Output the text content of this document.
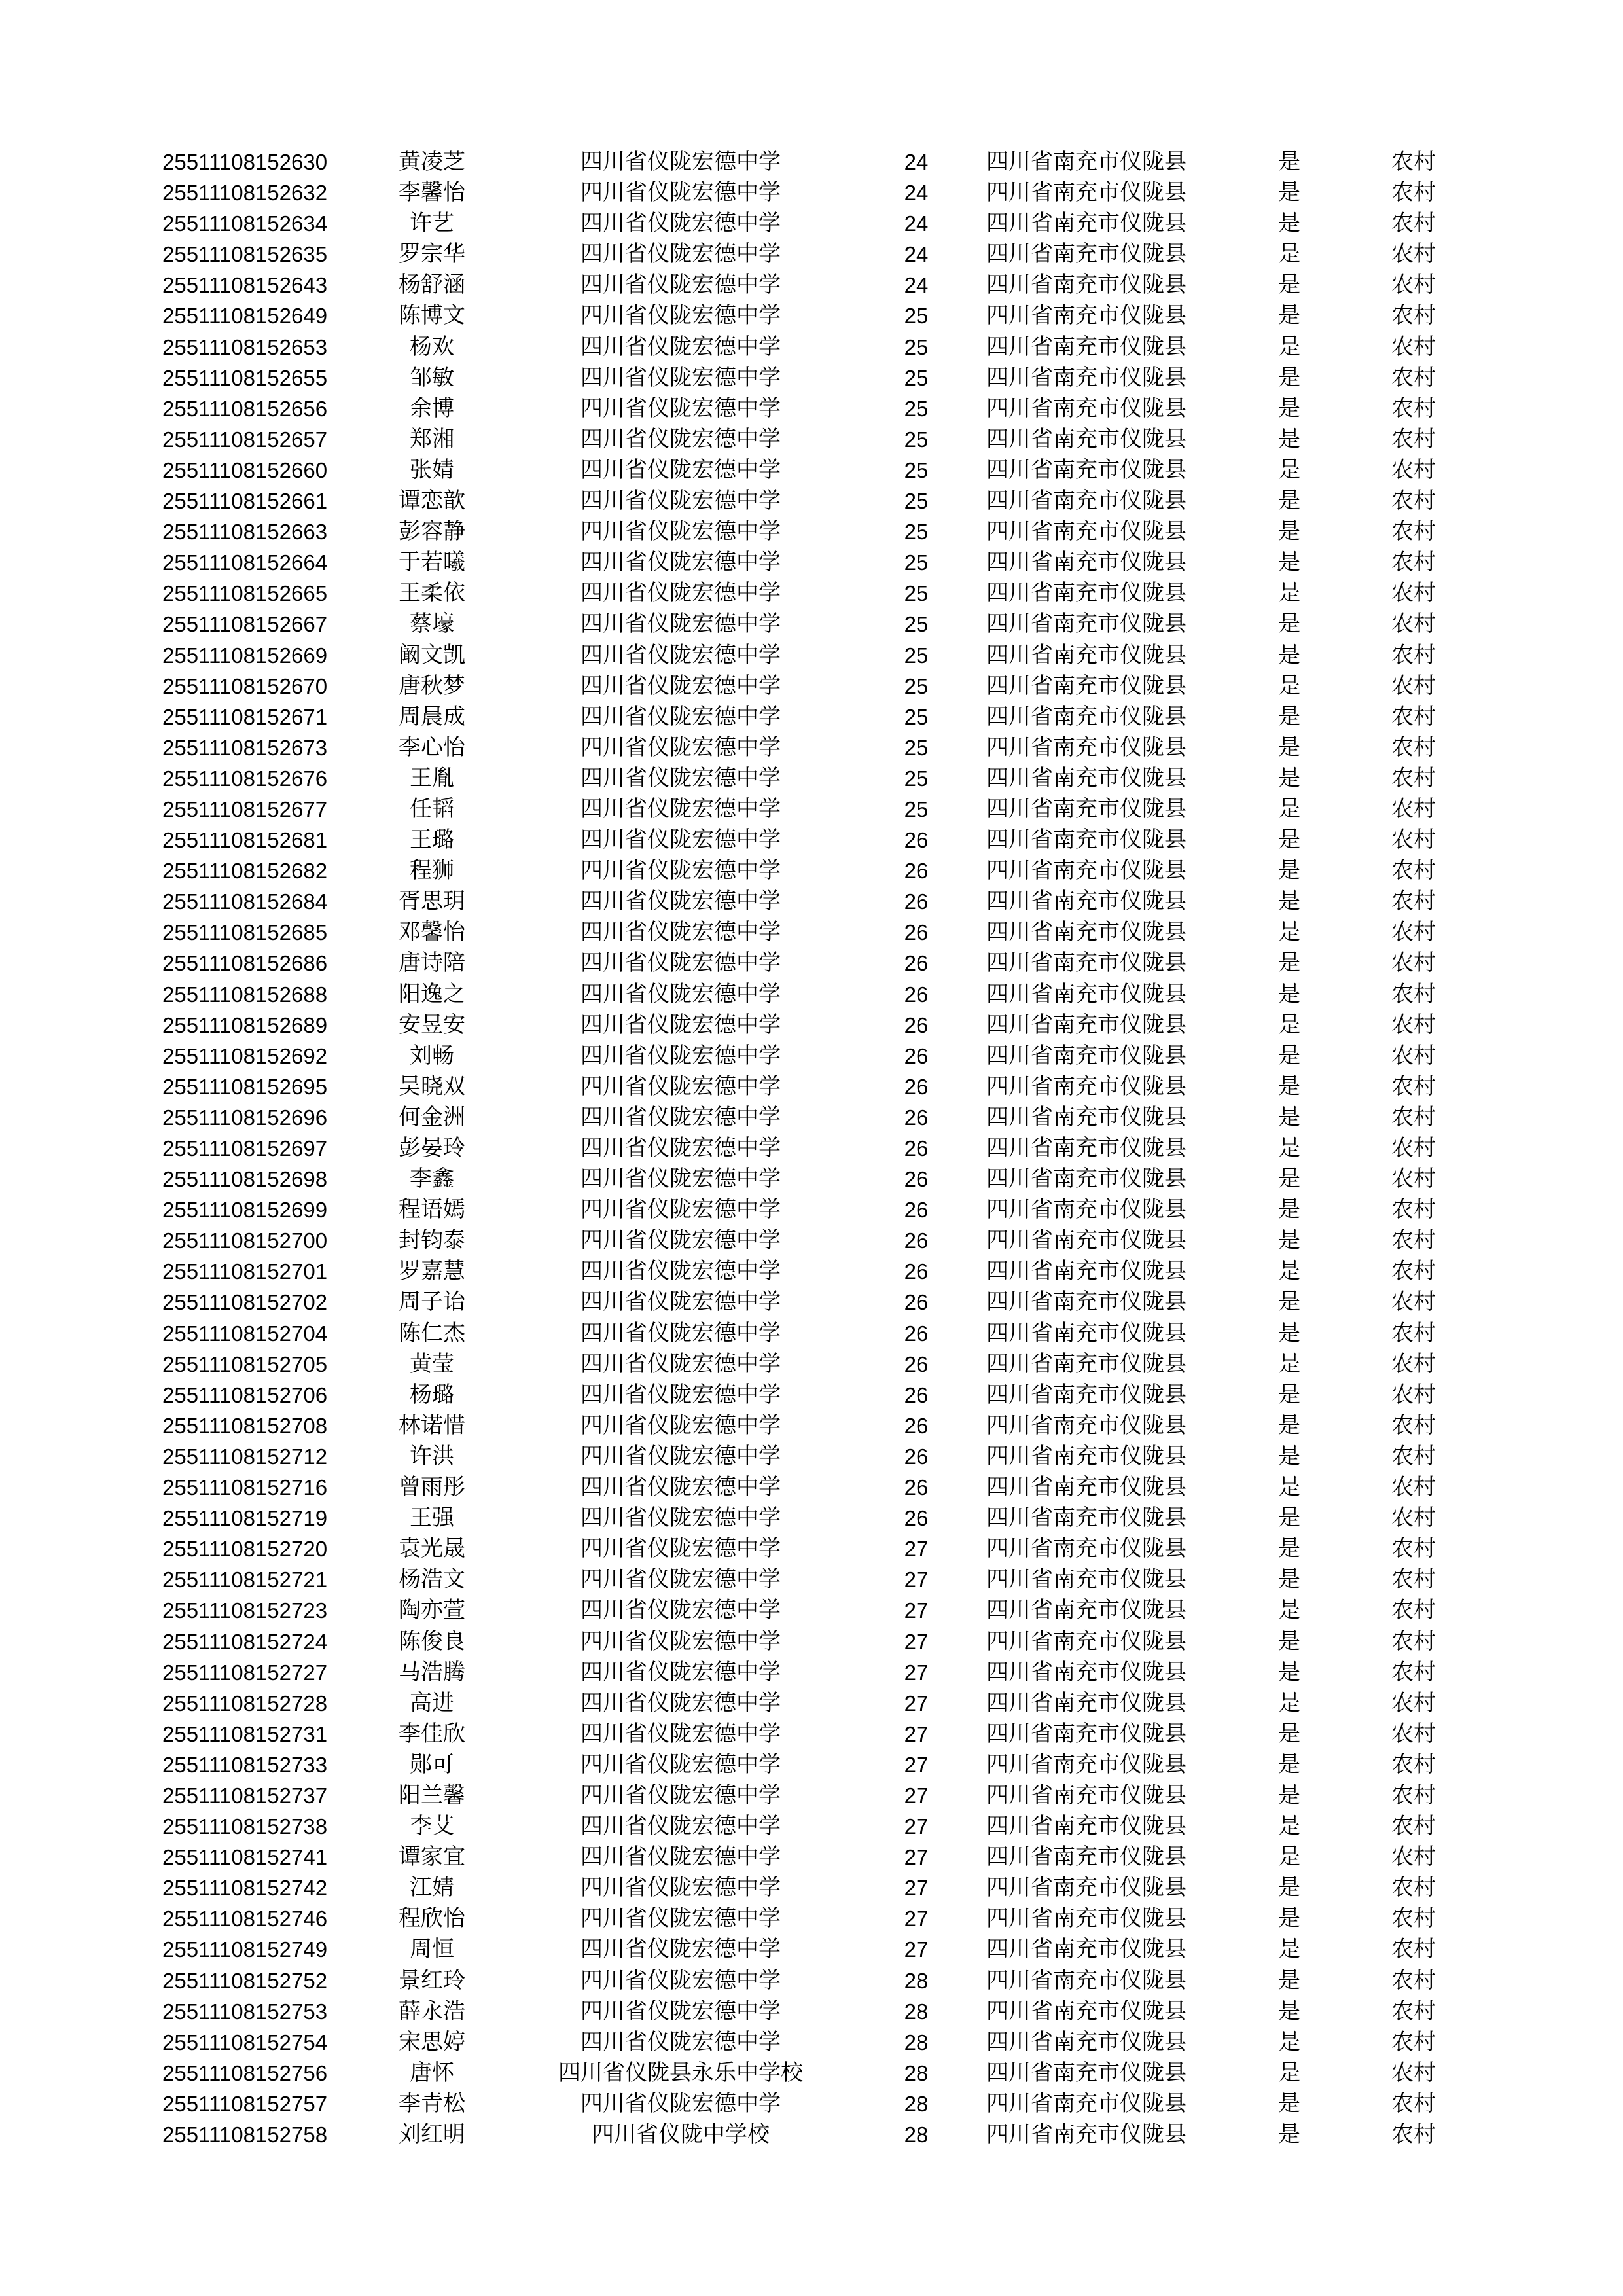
25511108152630	黄凌芝	四川省仪陇宏德中学	24	四川省南充市仪陇县	是	农村
25511108152632	李馨怡	四川省仪陇宏德中学	24	四川省南充市仪陇县	是	农村
25511108152634	许艺	四川省仪陇宏德中学	24	四川省南充市仪陇县	是	农村
25511108152635	罗宗华	四川省仪陇宏德中学	24	四川省南充市仪陇县	是	农村
25511108152643	杨舒涵	四川省仪陇宏德中学	24	四川省南充市仪陇县	是	农村
25511108152649	陈博文	四川省仪陇宏德中学	25	四川省南充市仪陇县	是	农村
25511108152653	杨欢	四川省仪陇宏德中学	25	四川省南充市仪陇县	是	农村
25511108152655	邹敏	四川省仪陇宏德中学	25	四川省南充市仪陇县	是	农村
25511108152656	余博	四川省仪陇宏德中学	25	四川省南充市仪陇县	是	农村
25511108152657	郑湘	四川省仪陇宏德中学	25	四川省南充市仪陇县	是	农村
25511108152660	张婧	四川省仪陇宏德中学	25	四川省南充市仪陇县	是	农村
25511108152661	谭恋歆	四川省仪陇宏德中学	25	四川省南充市仪陇县	是	农村
25511108152663	彭容静	四川省仪陇宏德中学	25	四川省南充市仪陇县	是	农村
25511108152664	于若曦	四川省仪陇宏德中学	25	四川省南充市仪陇县	是	农村
25511108152665	王柔依	四川省仪陇宏德中学	25	四川省南充市仪陇县	是	农村
25511108152667	蔡壕	四川省仪陇宏德中学	25	四川省南充市仪陇县	是	农村
25511108152669	阚文凯	四川省仪陇宏德中学	25	四川省南充市仪陇县	是	农村
25511108152670	唐秋梦	四川省仪陇宏德中学	25	四川省南充市仪陇县	是	农村
25511108152671	周晨成	四川省仪陇宏德中学	25	四川省南充市仪陇县	是	农村
25511108152673	李心怡	四川省仪陇宏德中学	25	四川省南充市仪陇县	是	农村
25511108152676	王胤	四川省仪陇宏德中学	25	四川省南充市仪陇县	是	农村
25511108152677	任韬	四川省仪陇宏德中学	25	四川省南充市仪陇县	是	农村
25511108152681	王璐	四川省仪陇宏德中学	26	四川省南充市仪陇县	是	农村
25511108152682	程狮	四川省仪陇宏德中学	26	四川省南充市仪陇县	是	农村
25511108152684	胥思玥	四川省仪陇宏德中学	26	四川省南充市仪陇县	是	农村
25511108152685	邓馨怡	四川省仪陇宏德中学	26	四川省南充市仪陇县	是	农村
25511108152686	唐诗陪	四川省仪陇宏德中学	26	四川省南充市仪陇县	是	农村
25511108152688	阳逸之	四川省仪陇宏德中学	26	四川省南充市仪陇县	是	农村
25511108152689	安昱安	四川省仪陇宏德中学	26	四川省南充市仪陇县	是	农村
25511108152692	刘畅	四川省仪陇宏德中学	26	四川省南充市仪陇县	是	农村
25511108152695	吴晓双	四川省仪陇宏德中学	26	四川省南充市仪陇县	是	农村
25511108152696	何金洲	四川省仪陇宏德中学	26	四川省南充市仪陇县	是	农村
25511108152697	彭晏玲	四川省仪陇宏德中学	26	四川省南充市仪陇县	是	农村
25511108152698	李鑫	四川省仪陇宏德中学	26	四川省南充市仪陇县	是	农村
25511108152699	程语嫣	四川省仪陇宏德中学	26	四川省南充市仪陇县	是	农村
25511108152700	封钧泰	四川省仪陇宏德中学	26	四川省南充市仪陇县	是	农村
25511108152701	罗嘉慧	四川省仪陇宏德中学	26	四川省南充市仪陇县	是	农村
25511108152702	周子诒	四川省仪陇宏德中学	26	四川省南充市仪陇县	是	农村
25511108152704	陈仁杰	四川省仪陇宏德中学	26	四川省南充市仪陇县	是	农村
25511108152705	黄莹	四川省仪陇宏德中学	26	四川省南充市仪陇县	是	农村
25511108152706	杨璐	四川省仪陇宏德中学	26	四川省南充市仪陇县	是	农村
25511108152708	林诺惜	四川省仪陇宏德中学	26	四川省南充市仪陇县	是	农村
25511108152712	许洪	四川省仪陇宏德中学	26	四川省南充市仪陇县	是	农村
25511108152716	曾雨彤	四川省仪陇宏德中学	26	四川省南充市仪陇县	是	农村
25511108152719	王强	四川省仪陇宏德中学	26	四川省南充市仪陇县	是	农村
25511108152720	袁光晟	四川省仪陇宏德中学	27	四川省南充市仪陇县	是	农村
25511108152721	杨浩文	四川省仪陇宏德中学	27	四川省南充市仪陇县	是	农村
25511108152723	陶亦萱	四川省仪陇宏德中学	27	四川省南充市仪陇县	是	农村
25511108152724	陈俊良	四川省仪陇宏德中学	27	四川省南充市仪陇县	是	农村
25511108152727	马浩腾	四川省仪陇宏德中学	27	四川省南充市仪陇县	是	农村
25511108152728	高进	四川省仪陇宏德中学	27	四川省南充市仪陇县	是	农村
25511108152731	李佳欣	四川省仪陇宏德中学	27	四川省南充市仪陇县	是	农村
25511108152733	郧可	四川省仪陇宏德中学	27	四川省南充市仪陇县	是	农村
25511108152737	阳兰馨	四川省仪陇宏德中学	27	四川省南充市仪陇县	是	农村
25511108152738	李艾	四川省仪陇宏德中学	27	四川省南充市仪陇县	是	农村
25511108152741	谭家宜	四川省仪陇宏德中学	27	四川省南充市仪陇县	是	农村
25511108152742	江婧	四川省仪陇宏德中学	27	四川省南充市仪陇县	是	农村
25511108152746	程欣怡	四川省仪陇宏德中学	27	四川省南充市仪陇县	是	农村
25511108152749	周恒	四川省仪陇宏德中学	27	四川省南充市仪陇县	是	农村
25511108152752	景红玲	四川省仪陇宏德中学	28	四川省南充市仪陇县	是	农村
25511108152753	薛永浩	四川省仪陇宏德中学	28	四川省南充市仪陇县	是	农村
25511108152754	宋思婷	四川省仪陇宏德中学	28	四川省南充市仪陇县	是	农村
25511108152756	唐怀	四川省仪陇县永乐中学校	28	四川省南充市仪陇县	是	农村
25511108152757	李青松	四川省仪陇宏德中学	28	四川省南充市仪陇县	是	农村
25511108152758	刘红明	四川省仪陇中学校	28	四川省南充市仪陇县	是	农村
